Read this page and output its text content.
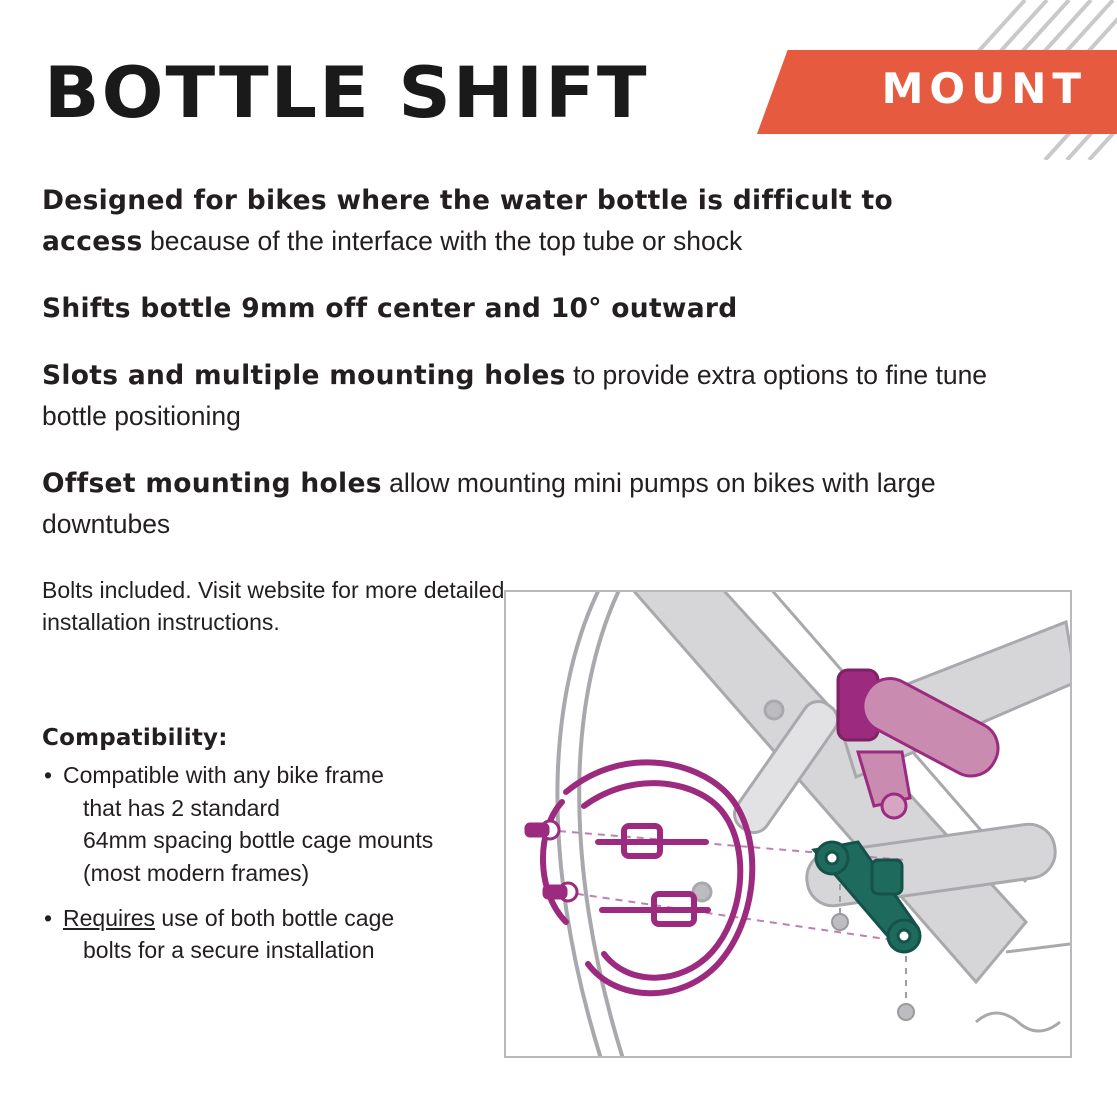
MOUNT
BOTTLE SHIFT

Designed for bikes where the water bottle is difficult to access because of the interface with the top tube or shock

Shifts bottle 9mm off center and 10° outward

Slots and multiple mounting holes to provide extra options to fine tune bottle positioning

Offset mounting holes allow mounting mini pumps on bikes with large downtubes

Bolts included. Visit website for more detailed installation instructions.

Compatibility:
• Compatible with any bike frame
that has 2 standard
64mm spacing bottle cage mounts
(most modern frames)
• Requires use of both bottle cage
bolts for a secure installation
